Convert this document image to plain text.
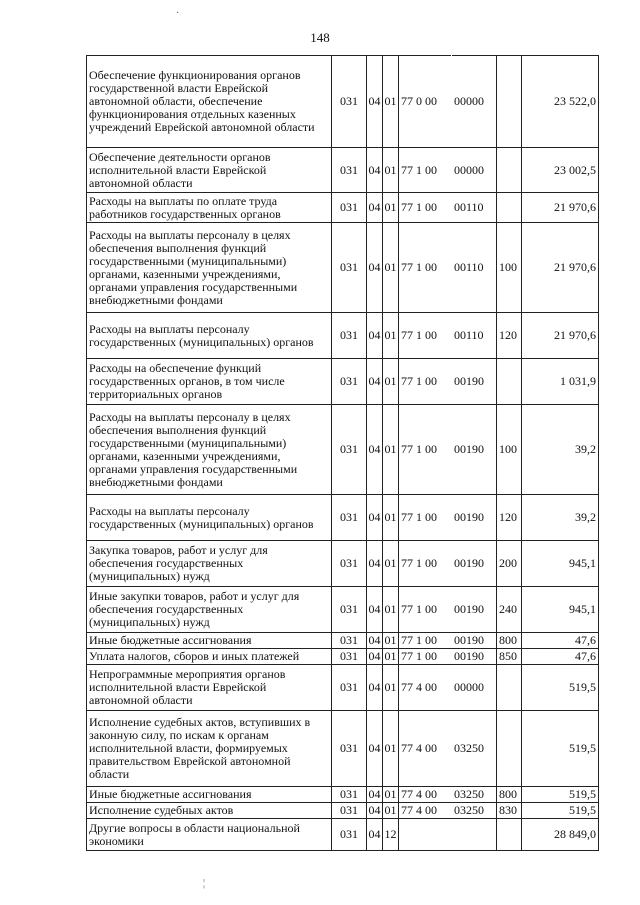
148
Обеспечение функционирования органов государственной власти Еврейской автономной области, обеспечение функционирования отдельных казенных учреждений Еврейской автономной области	031	04	01	77 0 00	00000		23 522,0
Обеспечение деятельности органов исполнительной власти Еврейской автономной области	031	04	01	77 1 00	00000		23 002,5
Расходы на выплаты по оплате труда работников государственных органов	031	04	01	77 1 00	00110		21 970,6
Расходы на выплаты персоналу в целях обеспечения выполнения функций государственными (муниципальными) органами, казенными учреждениями, органами управления государственными внебюджетными фондами	031	04	01	77 1 00	00110	100	21 970,6
Расходы на выплаты персоналу государственных (муниципальных) органов	031	04	01	77 1 00	00110	120	21 970,6
Расходы на обеспечение функций государственных органов, в том числе территориальных органов	031	04	01	77 1 00	00190		1 031,9
Расходы на выплаты персоналу в целях обеспечения выполнения функций государственными (муниципальными) органами, казенными учреждениями, органами управления государственными внебюджетными фондами	031	04	01	77 1 00	00190	100	39,2
Расходы на выплаты персоналу государственных (муниципальных) органов	031	04	01	77 1 00	00190	120	39,2
Закупка товаров, работ и услуг для обеспечения государственных (муниципальных) нужд	031	04	01	77 1 00	00190	200	945,1
Иные закупки товаров, работ и услуг для обеспечения государственных (муниципальных) нужд	031	04	01	77 1 00	00190	240	945,1
Иные бюджетные ассигнования	031	04	01	77 1 00	00190	800	47,6
Уплата налогов, сборов и иных платежей	031	04	01	77 1 00	00190	850	47,6
Непрограммные мероприятия органов исполнительной власти Еврейской автономной области	031	04	01	77 4 00	00000		519,5
Исполнение судебных актов, вступивших в законную силу, по искам к органам исполнительной власти, формируемых правительством Еврейской автономной области	031	04	01	77 4 00	03250		519,5
Иные бюджетные ассигнования	031	04	01	77 4 00	03250	800	519,5
Исполнение судебных актов	031	04	01	77 4 00	03250	830	519,5
Другие вопросы в области национальной экономики	031	04	12				28 849,0
·
¦
